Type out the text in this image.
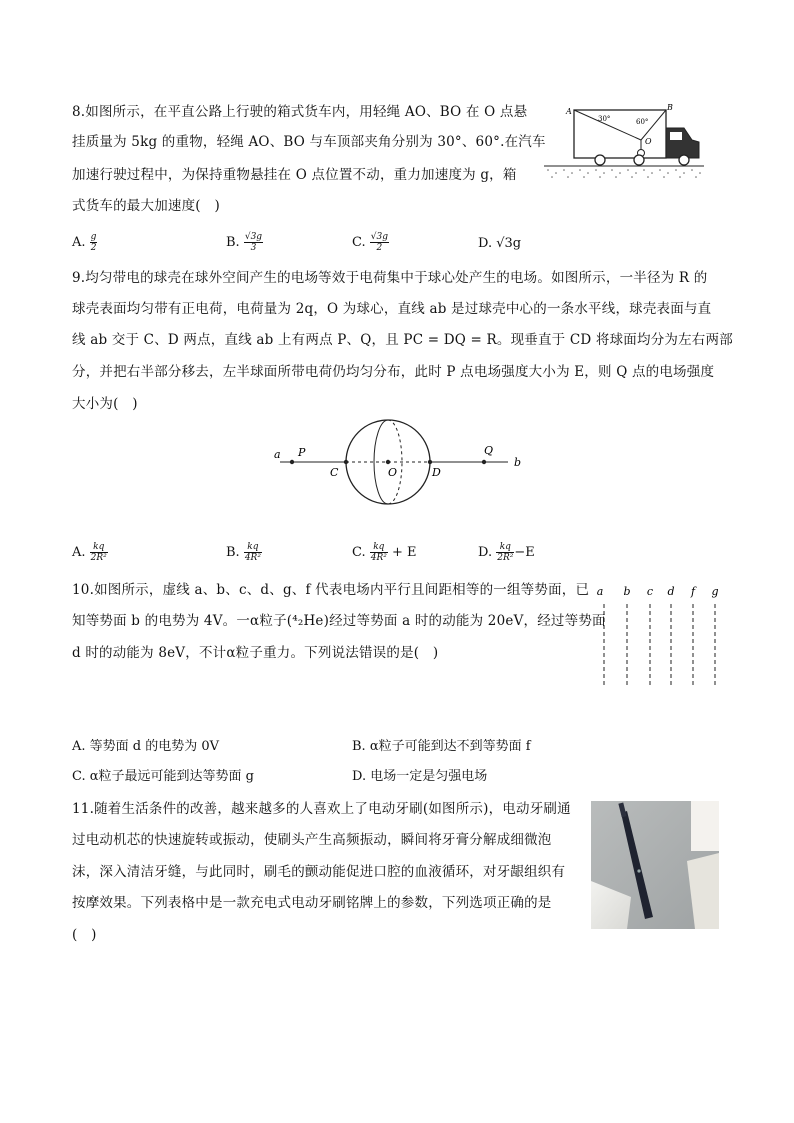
8.如图所示，在平直公路上行驶的箱式货车内，用轻绳 AO、BO 在 O 点悬
挂质量为 5kg 的重物，轻绳 AO、BO 与车顶部夹角分别为 30°、60°.在汽车
加速行驶过程中，为保持重物悬挂在 O 点位置不动，重力加速度为 g，箱
式货车的最大加速度(　)
A	B
O
30°	60°
A. $\frac{g}{2}$	B. $\frac{√3g}{3}$	C. $\frac{√3g}{2}$	D. √3g
9.均匀带电的球壳在球外空间产生的电场等效于电荷集中于球心处产生的电场。如图所示，一半径为 R 的
球壳表面均匀带有正电荷，电荷量为 2q，O 为球心，直线 ab 是过球壳中心的一条水平线，球壳表面与直
线 ab 交于 C、D 两点，直线 ab 上有两点 P、Q，且 PC = DQ = R。现垂直于 CD 将球面均分为左右两部
分，并把右半部分移去，左半球面所带电荷仍均匀分布，此时 P 点电场强度大小为 E，则 Q 点的电场强度
大小为(　)
a P
C	O	D
Q
b
A. $\frac{kq}{\text{2R²}}$	B. $\frac{kq}{\text{4R²}}$	C. $\frac{kq}{\text{4R²}} + E$	D. $\frac{kq}{\text{2R²}} -E$
10.如图所示，虚线 a、b、c、d、g、f 代表电场内平行且间距相等的一组等势面，已
知等势面 b 的电势为 4V。一α粒子(⁴₂He)经过等势面 a 时的动能为 20eV，经过等势面
d 时的动能为 8eV，不计α粒子重力。下列说法错误的是(　)
a b c d f g
A. 等势面 d 的电势为 0V	B. α粒子可能到达不到等势面 f
C. α粒子最远可能到达等势面 g	D. 电场一定是匀强电场
11.随着生活条件的改善，越来越多的人喜欢上了电动牙刷(如图所示)，电动牙刷通
过电动机芯的快速旋转或振动，使刷头产生高频振动，瞬间将牙膏分解成细微泡
沫，深入清洁牙缝，与此同时，刷毛的颤动能促进口腔的血液循环，对牙龈组织有
按摩效果。下列表格中是一款充电式电动牙刷铭牌上的参数，下列选项正确的是
(　)
